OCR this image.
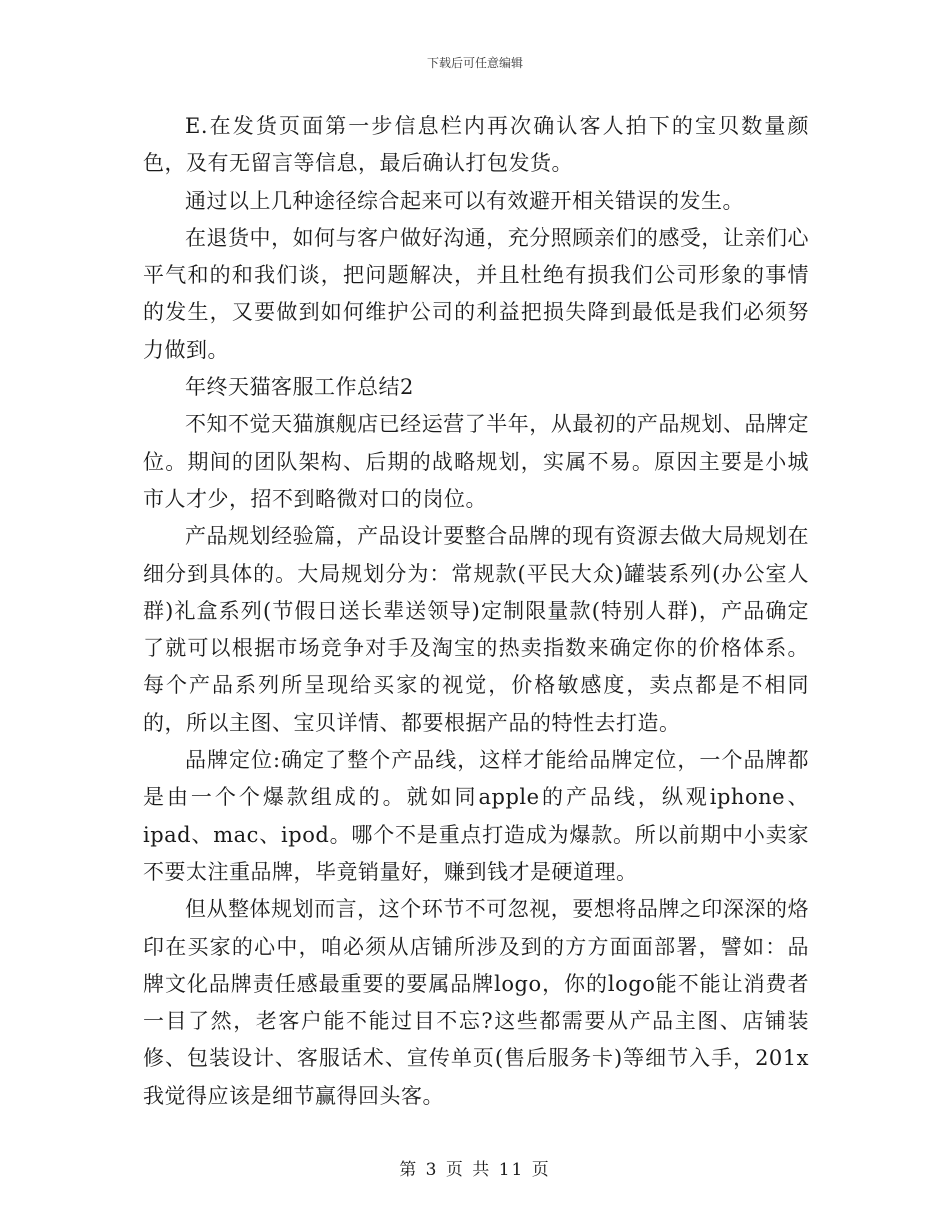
下载后可任意编辑

E.在发货页面第一步信息栏内再次确认客人拍下的宝贝数量颜色，及有无留言等信息，最后确认打包发货。

通过以上几种途径综合起来可以有效避开相关错误的发生。

在退货中，如何与客户做好沟通，充分照顾亲们的感受，让亲们心平气和的和我们谈，把问题解决，并且杜绝有损我们公司形象的事情的发生，又要做到如何维护公司的利益把损失降到最低是我们必须努力做到。

年终天猫客服工作总结2

不知不觉天猫旗舰店已经运营了半年，从最初的产品规划、品牌定位。期间的团队架构、后期的战略规划，实属不易。原因主要是小城市人才少，招不到略微对口的岗位。

产品规划经验篇，产品设计要整合品牌的现有资源去做大局规划在细分到具体的。大局规划分为：常规款(平民大众)罐装系列(办公室人群)礼盒系列(节假日送长辈送领导)定制限量款(特别人群)，产品确定了就可以根据市场竞争对手及淘宝的热卖指数来确定你的价格体系。每个产品系列所呈现给买家的视觉，价格敏感度，卖点都是不相同的，所以主图、宝贝详情、都要根据产品的特性去打造。

品牌定位:确定了整个产品线，这样才能给品牌定位，一个品牌都是由一个个爆款组成的。就如同apple的产品线，纵观iphone、ipad、mac、ipod。哪个不是重点打造成为爆款。所以前期中小卖家不要太注重品牌，毕竟销量好，赚到钱才是硬道理。

但从整体规划而言，这个环节不可忽视，要想将品牌之印深深的烙印在买家的心中，咱必须从店铺所涉及到的方方面面部署，譬如：品牌文化品牌责任感最重要的要属品牌logo，你的logo能不能让消费者一目了然，老客户能不能过目不忘?这些都需要从产品主图、店铺装修、包装设计、客服话术、宣传单页(售后服务卡)等细节入手，201x我觉得应该是细节赢得回头客。

第 3 页 共 11 页
